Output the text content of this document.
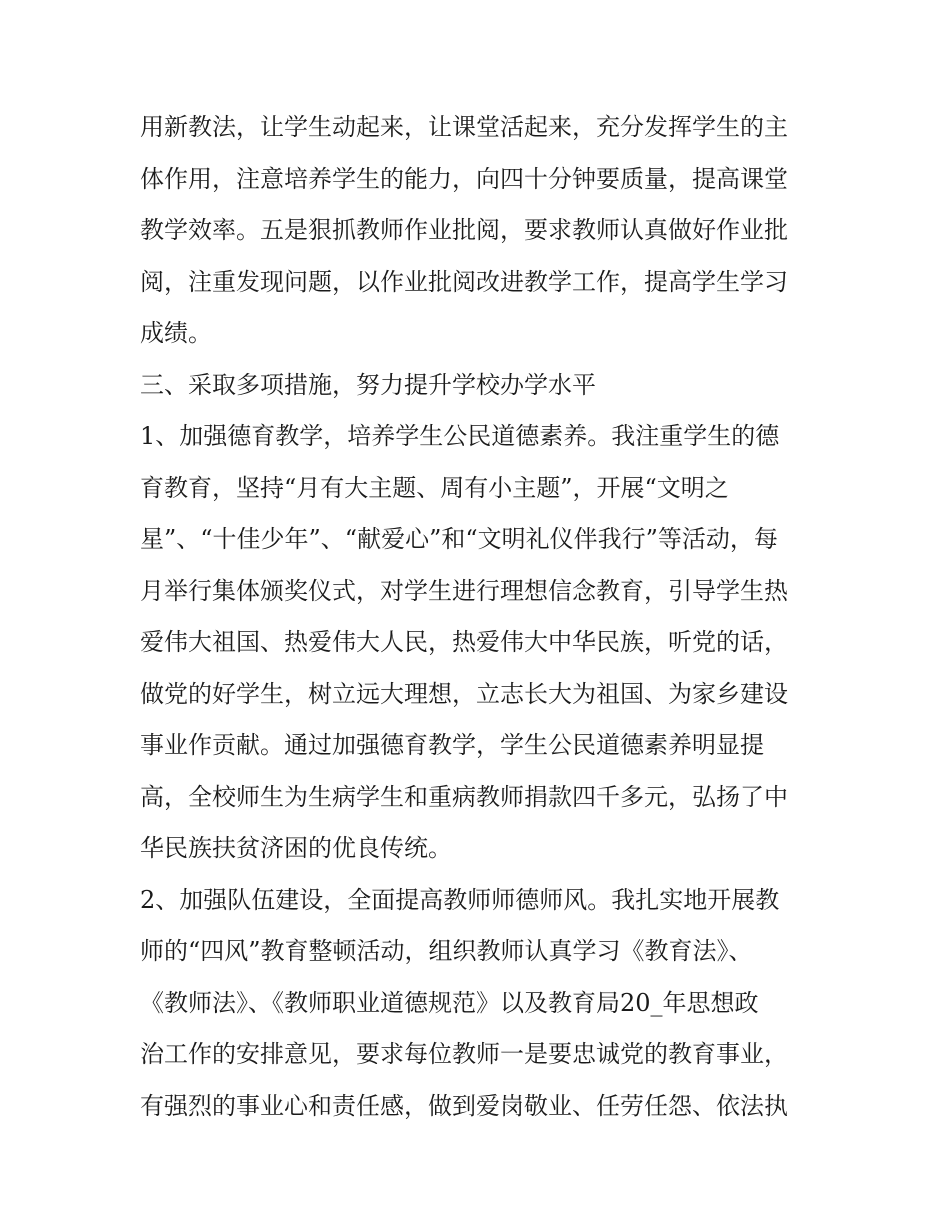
用新教法，让学生动起来，让课堂活起来，充分发挥学生的主
体作用，注意培养学生的能力，向四十分钟要质量，提高课堂
教学效率。五是狠抓教师作业批阅，要求教师认真做好作业批
阅，注重发现问题，以作业批阅改进教学工作，提高学生学习
成绩。
三、采取多项措施，努力提升学校办学水平
1、加强德育教学，培养学生公民道德素养。我注重学生的德
育教育，坚持“月有大主题、周有小主题”，开展“文明之
星”、“十佳少年”、“献爱心”和“文明礼仪伴我行”等活动，每
月举行集体颁奖仪式，对学生进行理想信念教育，引导学生热
爱伟大祖国、热爱伟大人民，热爱伟大中华民族，听党的话，
做党的好学生，树立远大理想，立志长大为祖国、为家乡建设
事业作贡献。通过加强德育教学，学生公民道德素养明显提
高，全校师生为生病学生和重病教师捐款四千多元，弘扬了中
华民族扶贫济困的优良传统。
2、加强队伍建设，全面提高教师师德师风。我扎实地开展教
师的“四风”教育整顿活动，组织教师认真学习《教育法》、
《教师法》、《教师职业道德规范》以及教育局20_年思想政
治工作的安排意见，要求每位教师一是要忠诚党的教育事业，
有强烈的事业心和责任感，做到爱岗敬业、任劳任怨、依法执
